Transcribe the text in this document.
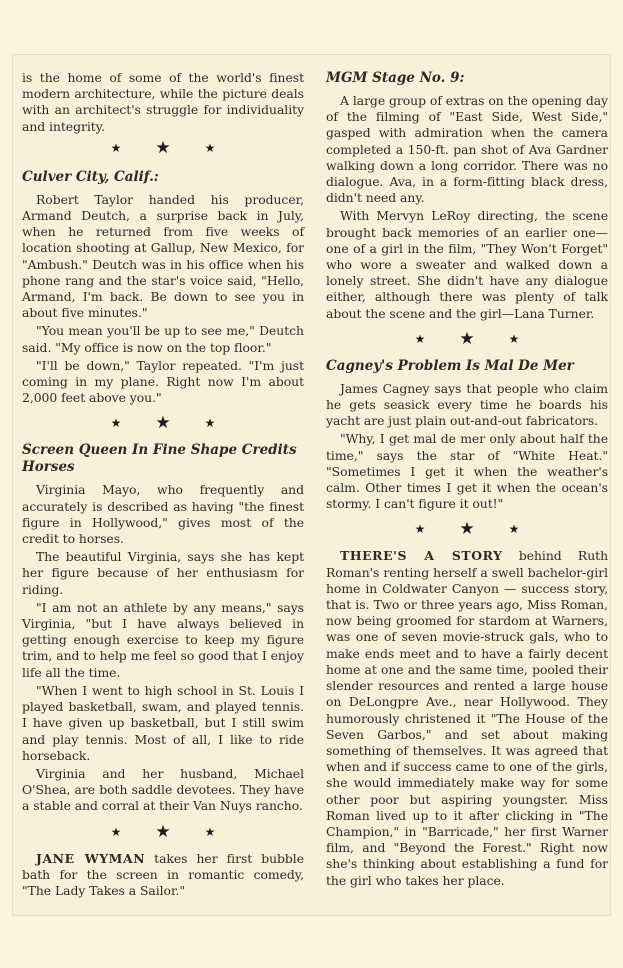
is the home of some of the world's finest modern architecture, while the picture deals with an architect's struggle for individuality and integrity.

★ ★	★
Culver City, Calif.:

Robert Taylor handed his producer, Armand Deutch, a surprise back in July, when he returned from five weeks of location shooting at Gallup, New Mexico, for "Ambush." Deutch was in his office when his phone rang and the star's voice said, "Hello, Armand, I'm back. Be down to see you in about five minutes."

"You mean you'll be up to see me," Deutch said. "My office is now on the top floor."

"I'll be down," Taylor repeated. "I'm just coming in my plane. Right now I'm about 2,000 feet above you."

★ ★	★
Screen Queen In Fine Shape Credits Horses

Virginia Mayo, who frequently and accurately is described as having "the finest figure in Hollywood," gives most of the credit to horses.

The beautiful Virginia, says she has kept her figure because of her enthusiasm for riding.

"I am not an athlete by any means," says Virginia, "but I have always believed in getting enough exercise to keep my figure trim, and to help me feel so good that I enjoy life all the time.

"When I went to high school in St. Louis I played basketball, swam, and played tennis. I have given up basketball, but I still swim and play tennis. Most of all, I like to ride horseback.

Virginia and her husband, Michael O'Shea, are both saddle devotees. They have a stable and corral at their Van Nuys rancho.

★ ★	★

JANE WYMAN takes her first bubble bath for the screen in romantic comedy, "The Lady Takes a Sailor."

MGM Stage No. 9:

A large group of extras on the opening day of the filming of "East Side, West Side," gasped with admiration when the camera completed a 150-ft. pan shot of Ava Gardner walking down a long corridor. There was no dialogue. Ava, in a form-fitting black dress, didn't need any.

With Mervyn LeRoy directing, the scene brought back memories of an earlier one—one of a girl in the film, "They Won't Forget" who wore a sweater and walked down a lonely street. She didn't have any dialogue either, although there was plenty of talk about the scene and the girl—Lana Turner.

★ ★	★
Cagney's Problem Is Mal De Mer

James Cagney says that people who claim he gets seasick every time he boards his yacht are just plain out-and-out fabricators.

"Why, I get mal de mer only about half the time," says the star of "White Heat." "Sometimes I get it when the weather's calm. Other times I get it when the ocean's stormy. I can't figure it out!"

★ ★	★

THERE'S A STORY behind Ruth Roman's renting herself a swell bachelor-girl home in Coldwater Canyon — success story, that is. Two or three years ago, Miss Roman, now being groomed for stardom at Warners, was one of seven movie-struck gals, who to make ends meet and to have a fairly decent home at one and the same time, pooled their slender resources and rented a large house on DeLongpre Ave., near Hollywood. They humorously christened it "The House of the Seven Garbos," and set about making something of themselves. It was agreed that when and if success came to one of the girls, she would immediately make way for some other poor but aspiring youngster. Miss Roman lived up to it after clicking in "The Champion," in "Barricade," her first Warner film, and "Beyond the Forest." Right now she's thinking about establishing a fund for the girl who takes her place.
